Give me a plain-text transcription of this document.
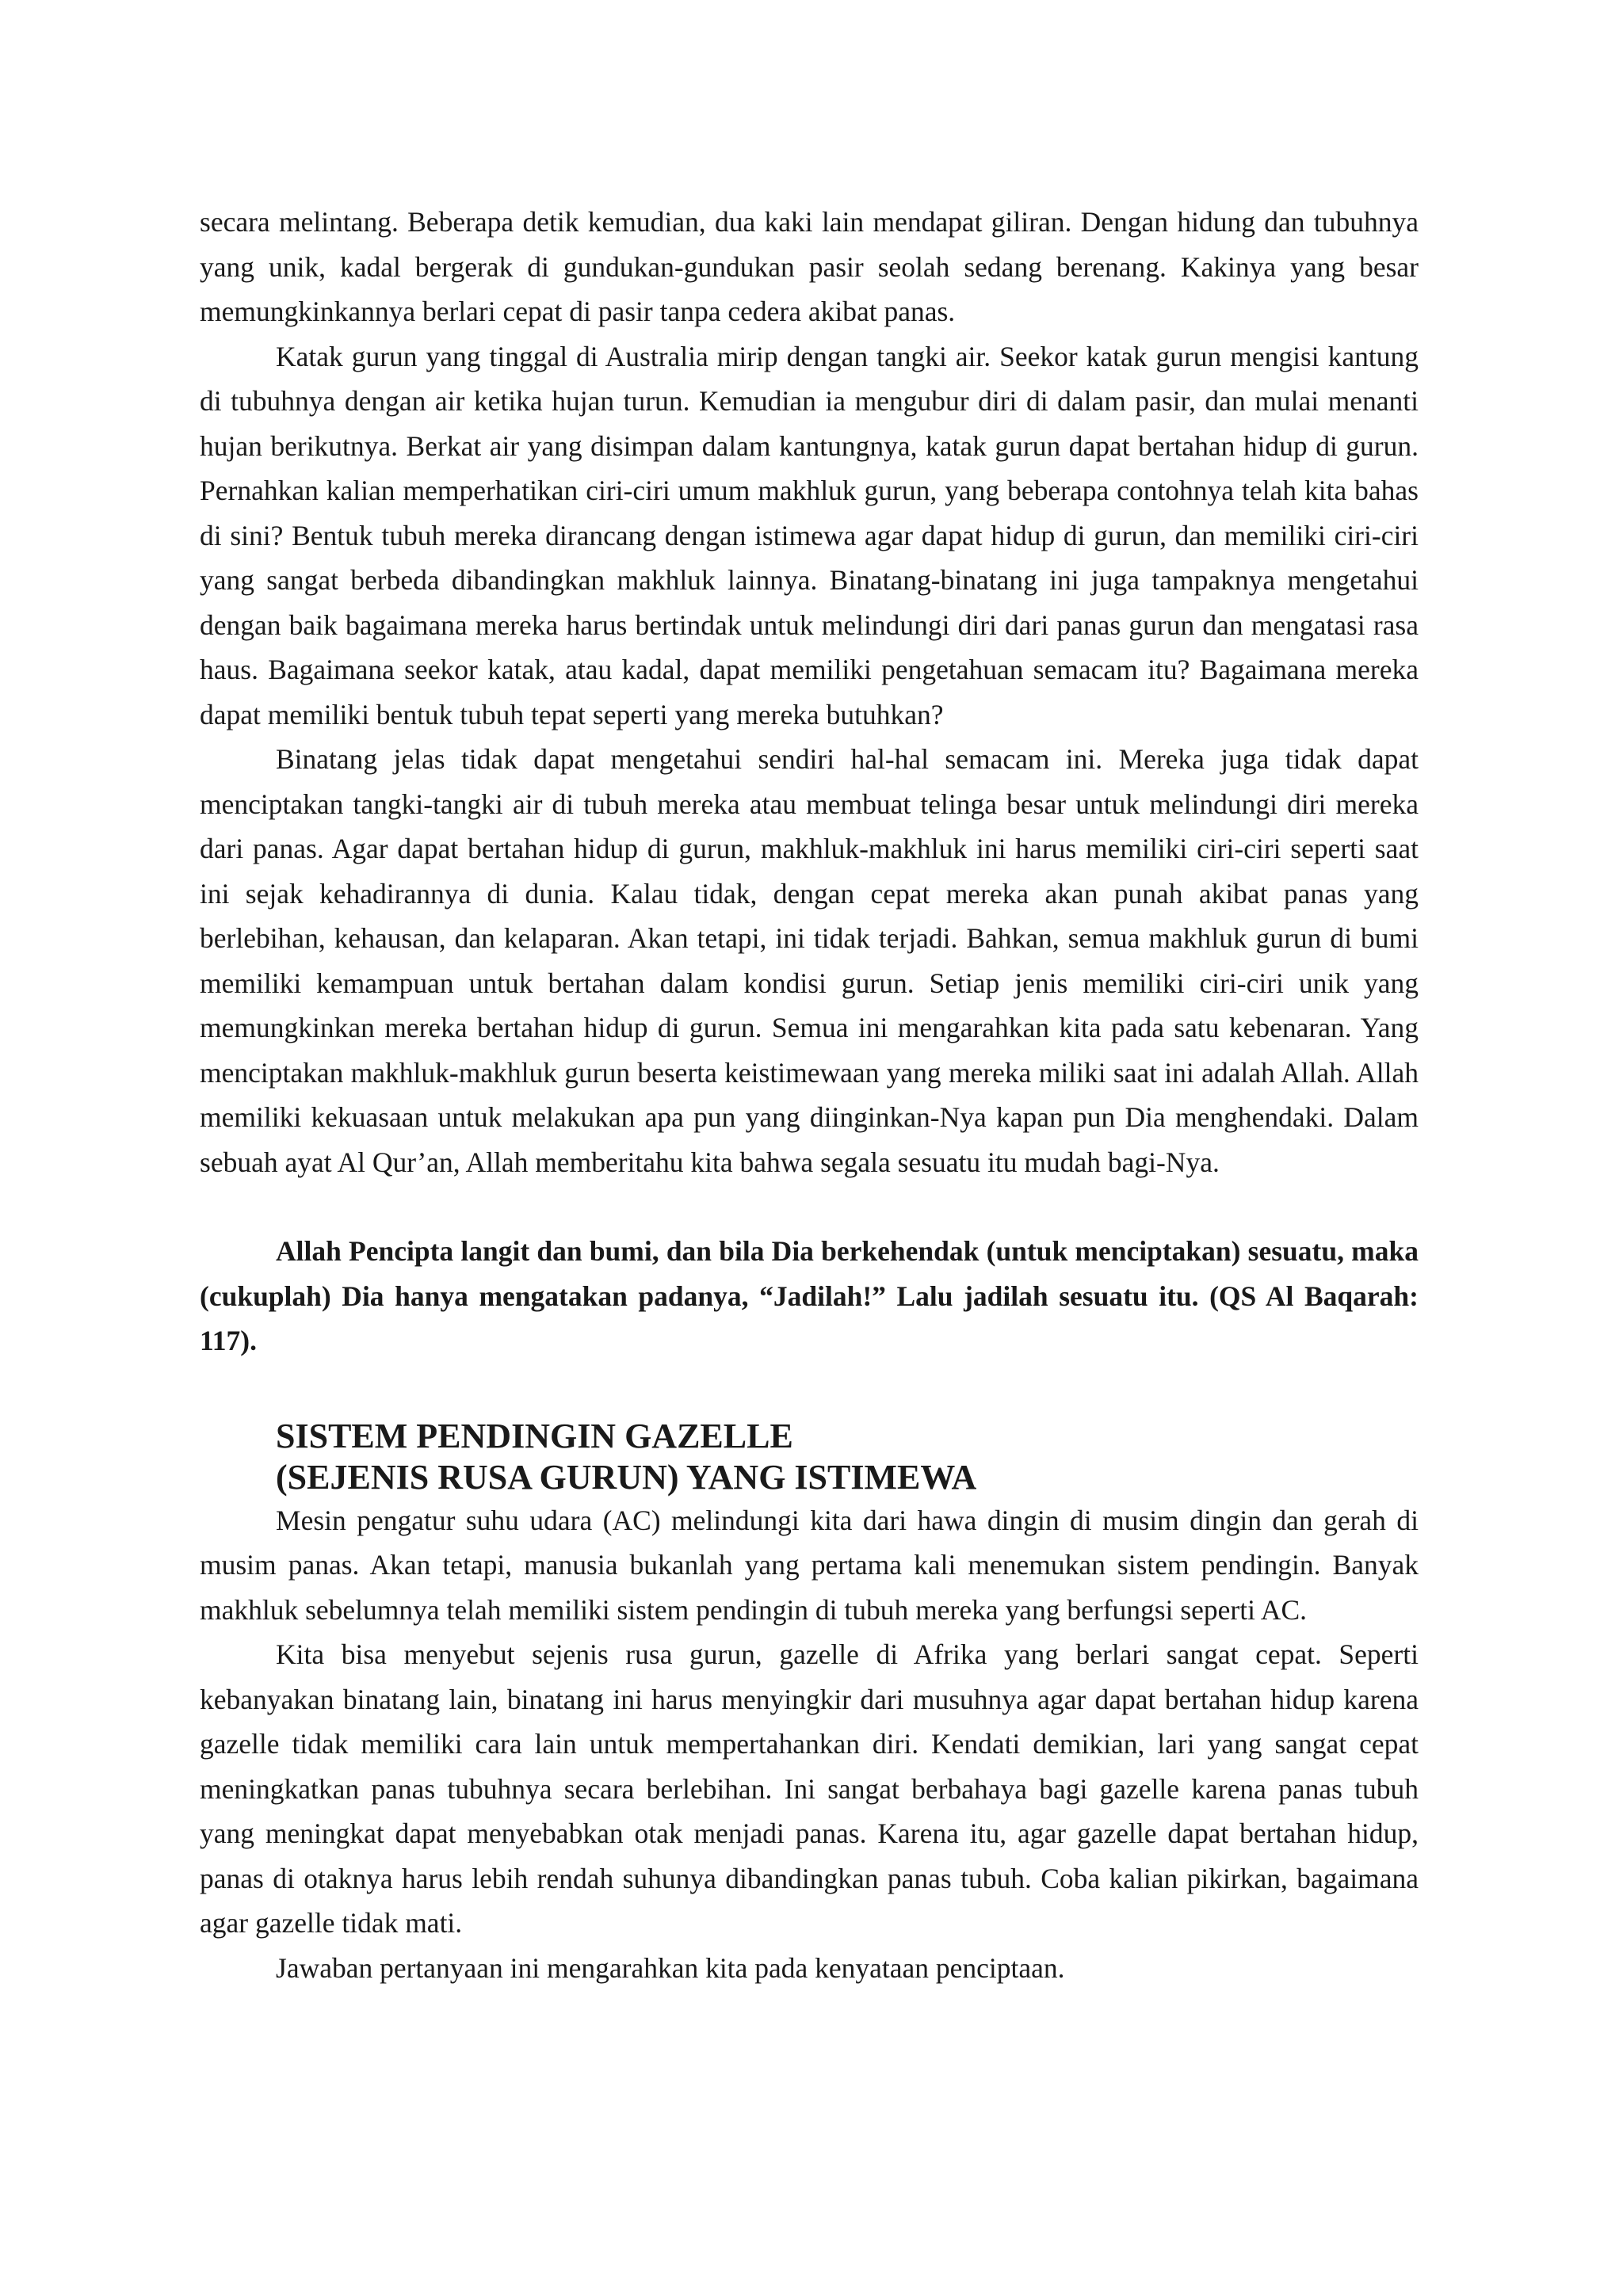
secara melintang. Beberapa detik kemudian, dua kaki lain mendapat giliran. Dengan hidung dan tubuhnya yang unik, kadal bergerak di gundukan-gundukan pasir seolah sedang berenang. Kakinya yang besar memungkinkannya berlari cepat di pasir tanpa cedera akibat panas.

Katak gurun yang tinggal di Australia mirip dengan tangki air. Seekor katak gurun mengisi kantung di tubuhnya dengan air ketika hujan turun. Kemudian ia mengubur diri di dalam pasir, dan mulai menanti hujan berikutnya. Berkat air yang disimpan dalam kantungnya, katak gurun dapat bertahan hidup di gurun. Pernahkan kalian memperhatikan ciri-ciri umum makhluk gurun, yang beberapa contohnya telah kita bahas di sini? Bentuk tubuh mereka dirancang dengan istimewa agar dapat hidup di gurun, dan memiliki ciri-ciri yang sangat berbeda dibandingkan makhluk lainnya. Binatang-binatang ini juga tampaknya mengetahui dengan baik bagaimana mereka harus bertindak untuk melindungi diri dari panas gurun dan mengatasi rasa haus. Bagaimana seekor katak, atau kadal, dapat memiliki pengetahuan semacam itu? Bagaimana mereka dapat memiliki bentuk tubuh tepat seperti yang mereka butuhkan?

Binatang jelas tidak dapat mengetahui sendiri hal-hal semacam ini. Mereka juga tidak dapat menciptakan tangki-tangki air di tubuh mereka atau membuat telinga besar untuk melindungi diri mereka dari panas. Agar dapat bertahan hidup di gurun, makhluk-makhluk ini harus memiliki ciri-ciri seperti saat ini sejak kehadirannya di dunia. Kalau tidak, dengan cepat mereka akan punah akibat panas yang berlebihan, kehausan, dan kelaparan. Akan tetapi, ini tidak terjadi. Bahkan, semua makhluk gurun di bumi memiliki kemampuan untuk bertahan dalam kondisi gurun. Setiap jenis memiliki ciri-ciri unik yang memungkinkan mereka bertahan hidup di gurun. Semua ini mengarahkan kita pada satu kebenaran. Yang menciptakan makhluk-makhluk gurun beserta keistimewaan yang mereka miliki saat ini adalah Allah. Allah memiliki kekuasaan untuk melakukan apa pun yang diinginkan-Nya kapan pun Dia menghendaki. Dalam sebuah ayat Al Qur’an, Allah memberitahu kita bahwa segala sesuatu itu mudah bagi-Nya.

Allah Pencipta langit dan bumi, dan bila Dia berkehendak (untuk menciptakan) sesuatu, maka (cukuplah) Dia hanya mengatakan padanya, “Jadilah!” Lalu jadilah sesuatu itu. (QS Al Baqarah: 117).

SISTEM PENDINGIN GAZELLE
(SEJENIS RUSA GURUN) YANG ISTIMEWA

Mesin pengatur suhu udara (AC) melindungi kita dari hawa dingin di musim dingin dan gerah di musim panas. Akan tetapi, manusia bukanlah yang pertama kali menemukan sistem pendingin. Banyak makhluk sebelumnya telah memiliki sistem pendingin di tubuh mereka yang berfungsi seperti AC.

Kita bisa menyebut sejenis rusa gurun, gazelle di Afrika yang berlari sangat cepat. Seperti kebanyakan binatang lain, binatang ini harus menyingkir dari musuhnya agar dapat bertahan hidup karena gazelle tidak memiliki cara lain untuk mempertahankan diri. Kendati demikian, lari yang sangat cepat meningkatkan panas tubuhnya secara berlebihan. Ini sangat berbahaya bagi gazelle karena panas tubuh yang meningkat dapat menyebabkan otak menjadi panas. Karena itu, agar gazelle dapat bertahan hidup, panas di otaknya harus lebih rendah suhunya dibandingkan panas tubuh. Coba kalian pikirkan, bagaimana agar gazelle tidak mati.

Jawaban pertanyaan ini mengarahkan kita pada kenyataan penciptaan.
